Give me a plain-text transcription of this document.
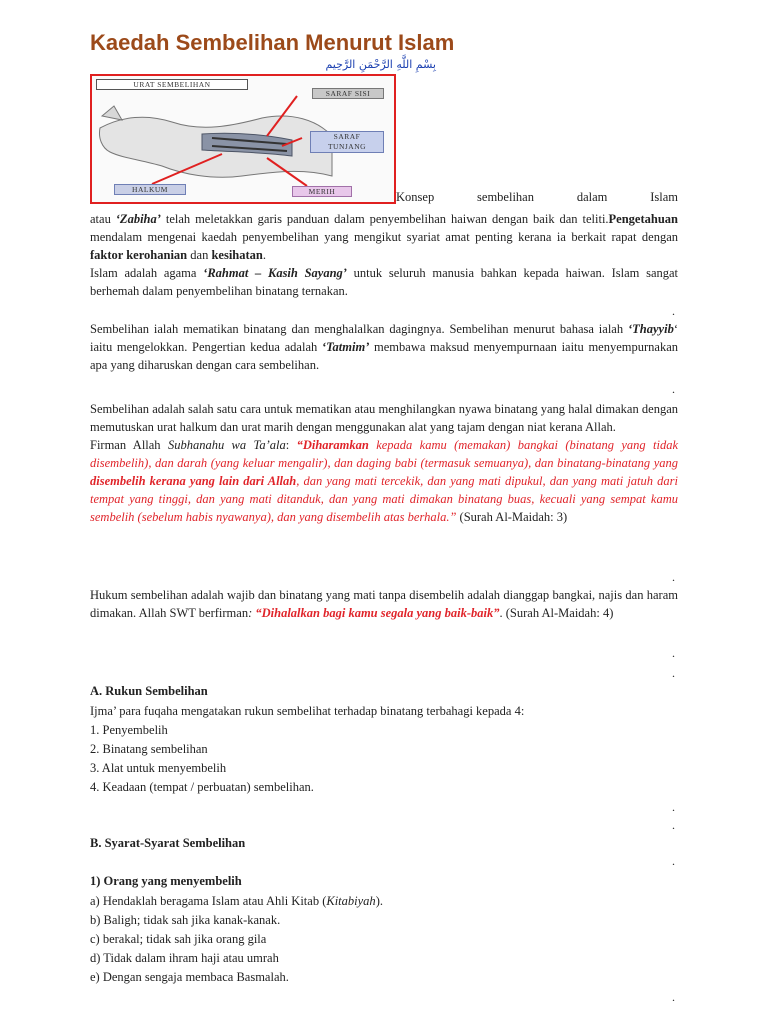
Kaedah Sembelihan Menurut Islam
بِسْمِ اللَّهِ الرَّحْمَنِ الرَّحِيم
URAT SEMBELIHAN
SARAF SISI
SARAF
TUNJANG
HALKUM	MERIH	Konsep	sembelihan	dalam	Islam
atau ‘Zabiha’ telah meletakkan garis panduan dalam penyembelihan haiwan dengan baik dan teliti.Pengetahuan mendalam mengenai kaedah penyembelihan yang mengikut syariat amat penting kerana ia berkait rapat dengan faktor kerohanian dan kesihatan.
Islam adalah agama ‘Rahmat – Kasih Sayang’ untuk seluruh manusia bahkan kepada haiwan. Islam sangat berhemah dalam penyembelihan binatang ternakan.
.
Sembelihan ialah mematikan binatang dan menghalalkan dagingnya. Sembelihan menurut bahasa ialah ‘Thayyib‘ iaitu mengelokkan. Pengertian kedua adalah ‘Tatmim’ membawa maksud menyempurnaan iaitu menyempurnakan apa yang diharuskan dengan cara sembelihan.
.
Sembelihan adalah salah satu cara untuk mematikan atau menghilangkan nyawa binatang yang halal dimakan dengan memutuskan urat halkum dan urat marih dengan menggunakan alat yang tajam dengan niat kerana Allah.
Firman Allah Subhanahu wa Ta’ala: “Diharamkan kepada kamu (memakan) bangkai (binatang yang tidak disembelih), dan darah (yang keluar mengalir), dan daging babi (termasuk semuanya), dan binatang-binatang yang disembelih kerana yang lain dari Allah, dan yang mati tercekik, dan yang mati dipukul, dan yang mati jatuh dari tempat yang tinggi, dan yang mati ditanduk, dan yang mati dimakan binatang buas, kecuali yang sempat kamu sembelih (sebelum habis nyawanya), dan yang disembelih atas berhala.” (Surah Al-Maidah: 3)
.
Hukum sembelihan adalah wajib dan binatang yang mati tanpa disembelih adalah dianggap bangkai, najis dan haram dimakan. Allah SWT berfirman: “Dihalalkan bagi kamu segala yang baik-baik”. (Surah Al-Maidah: 4)
.
.
A. Rukun Sembelihan
Ijma’ para fuqaha mengatakan rukun sembelihat terhadap binatang terbahagi kepada 4:
1. Penyembelih
2. Binatang sembelihan
3. Alat untuk menyembelih
4. Keadaan (tempat / perbuatan) sembelihan.
.
.
B. Syarat-Syarat Sembelihan
.
1) Orang yang menyembelih
a) Hendaklah beragama Islam atau Ahli Kitab (Kitabiyah).
b) Baligh; tidak sah jika kanak-kanak.
c) berakal; tidak sah jika orang gila
d) Tidak dalam ihram haji atau umrah
e) Dengan sengaja membaca Basmalah.
.
